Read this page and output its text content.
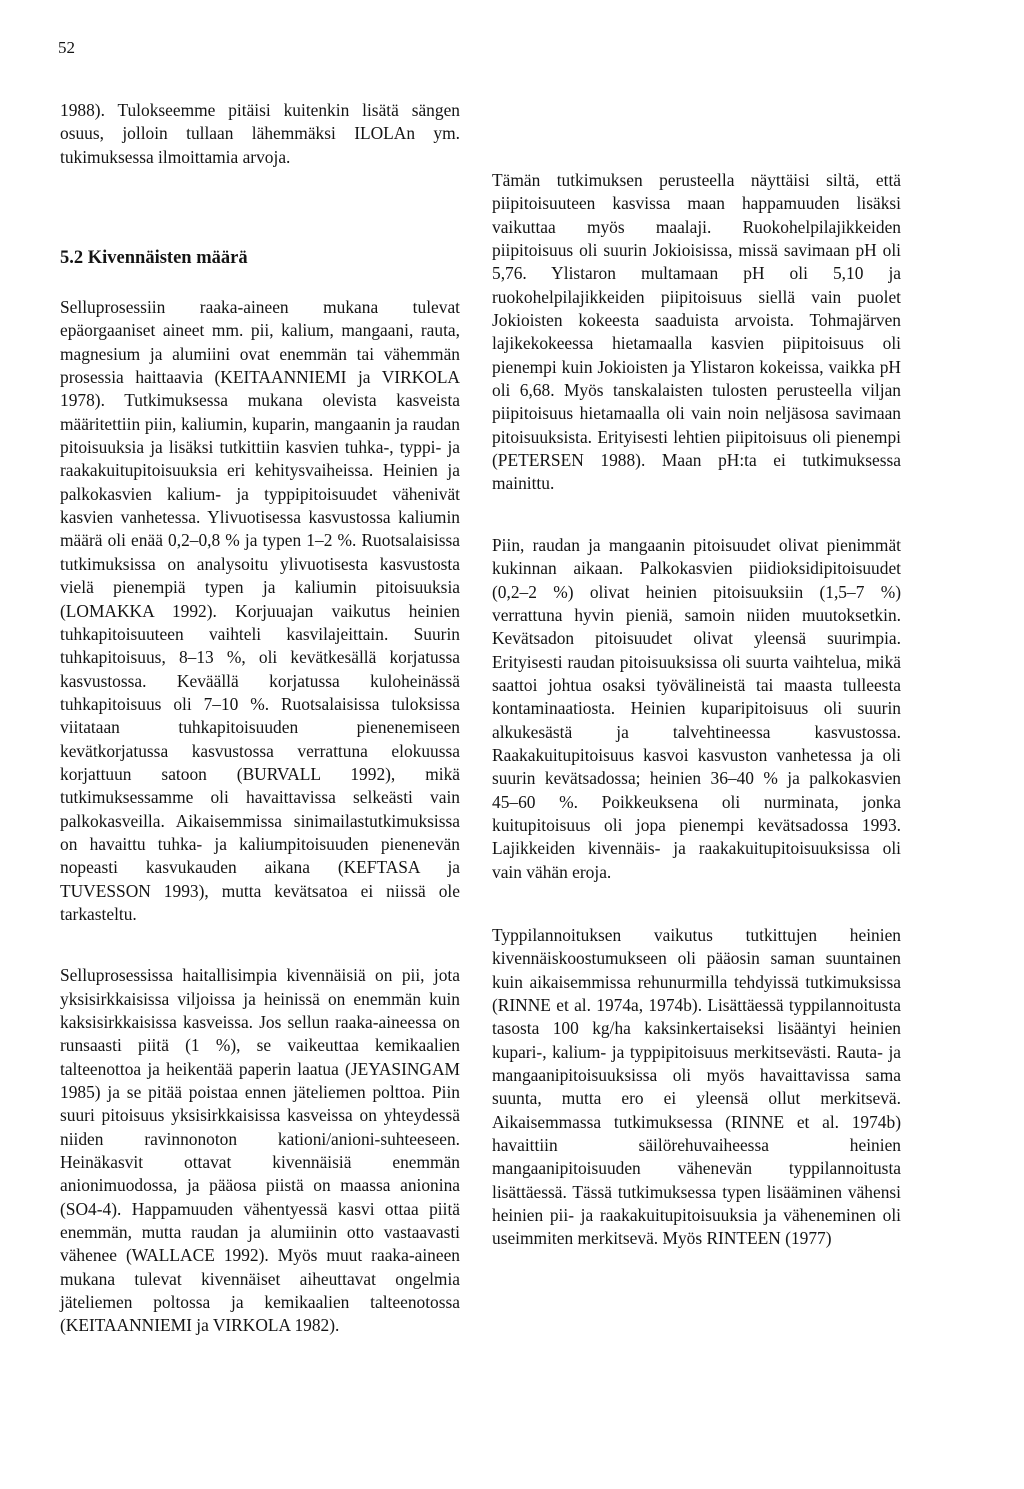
52

1988). Tulokseemme pitäisi kuitenkin lisätä sängen osuus, jolloin tullaan lähemmäksi ILOLAn ym. tukimuksessa ilmoittamia arvoja.

5.2 Kivennäisten määrä

Selluprosessiin raaka-aineen mukana tulevat epäorgaaniset aineet mm. pii, kalium, mangaani, rauta, magnesium ja alumiini ovat enemmän tai vähemmän prosessia haittaavia (KEITAANNIEMI ja VIRKOLA 1978). Tutkimuksessa mukana olevista kasveista määritettiin piin, kaliumin, kuparin, mangaanin ja raudan pitoisuuksia ja lisäksi tutkittiin kasvien tuhka-, typpi- ja raakakuitupitoisuuksia eri kehitysvaiheissa. Heinien ja palkokasvien kalium- ja typpipitoisuudet vähenivät kasvien vanhetessa. Ylivuotisessa kasvustossa kaliumin määrä oli enää 0,2–0,8 % ja typen 1–2 %. Ruotsalaisissa tutkimuksissa on analysoitu ylivuotisesta kasvustosta vielä pienempiä typen ja kaliumin pitoisuuksia (LOMAKKA 1992). Korjuuajan vaikutus heinien tuhkapitoisuuteen vaihteli kasvilajeittain. Suurin tuhkapitoisuus, 8–13 %, oli kevätkesällä korjatussa kasvustossa. Keväällä korjatussa kuloheinässä tuhkapitoisuus oli 7–10 %. Ruotsalaisissa tuloksissa viitataan tuhkapitoisuuden pienenemiseen kevätkorjatussa kasvustossa verrattuna elokuussa korjattuun satoon (BURVALL 1992), mikä tutkimuksessamme oli havaittavissa selkeästi vain palkokasveilla. Aikaisemmissa sinimailastutkimuksissa on havaittu tuhka- ja kaliumpitoisuuden pienenevän nopeasti kasvukauden aikana (KEFTASA ja TUVESSON 1993), mutta kevätsatoa ei niissä ole tarkasteltu.

Selluprosessissa haitallisimpia kivennäisiä on pii, jota yksisirkkaisissa viljoissa ja heinissä on enemmän kuin kaksisirkkaisissa kasveissa. Jos sellun raaka-aineessa on runsaasti piitä (1 %), se vaikeuttaa kemikaalien talteenottoa ja heikentää paperin laatua (JEYASINGAM 1985) ja se pitää poistaa ennen jäteliemen polttoa. Piin suuri pitoisuus yksisirkkaisissa kasveissa on yhteydessä niiden ravinnonoton kationi/anioni-suhteeseen. Heinäkasvit ottavat kivennäisiä enemmän anionimuodossa, ja pääosa piistä on maassa anionina (SO4-4). Happamuuden vähentyessä kasvi ottaa piitä enemmän, mutta raudan ja alumiinin otto vastaavasti vähenee (WALLACE 1992). Myös muut raaka-aineen mukana tulevat kivennäiset aiheuttavat ongelmia jäteliemen poltossa ja kemikaalien talteenotossa (KEITAANNIEMI ja VIRKOLA 1982).

Tämän tutkimuksen perusteella näyttäisi siltä, että piipitoisuuteen kasvissa maan happamuuden lisäksi vaikuttaa myös maalaji. Ruokohelpilajikkeiden piipitoisuus oli suurin Jokioisissa, missä savimaan pH oli 5,76. Ylistaron multamaan pH oli 5,10 ja ruokohelpilajikkeiden piipitoisuus siellä vain puolet Jokioisten kokeesta saaduista arvoista. Tohmajärven lajikekokeessa hietamaalla kasvien piipitoisuus oli pienempi kuin Jokioisten ja Ylistaron kokeissa, vaikka pH oli 6,68. Myös tanskalaisten tulosten perusteella viljan piipitoisuus hietamaalla oli vain noin neljäsosa savimaan pitoisuuksista. Erityisesti lehtien piipitoisuus oli pienempi (PETERSEN 1988). Maan pH:ta ei tutkimuksessa mainittu.

Piin, raudan ja mangaanin pitoisuudet olivat pienimmät kukinnan aikaan. Palkokasvien piidioksidipitoisuudet (0,2–2 %) olivat heinien pitoisuuksiin (1,5–7 %) verrattuna hyvin pieniä, samoin niiden muutoksetkin. Kevätsadon pitoisuudet olivat yleensä suurimpia. Erityisesti raudan pitoisuuksissa oli suurta vaihtelua, mikä saattoi johtua osaksi työvälineistä tai maasta tulleesta kontaminaatiosta. Heinien kuparipitoisuus oli suurin alkukesästä ja talvehtineessa kasvustossa. Raakakuitupitoisuus kasvoi kasvuston vanhetessa ja oli suurin kevätsadossa; heinien 36–40 % ja palkokasvien 45–60 %. Poikkeuksena oli nurminata, jonka kuitupitoisuus oli jopa pienempi kevätsadossa 1993. Lajikkeiden kivennäis- ja raakakuitupitoisuuksissa oli vain vähän eroja.

Typpilannoituksen vaikutus tutkittujen heinien kivennäiskoostumukseen oli pääosin saman suuntainen kuin aikaisemmissa rehunurmilla tehdyissä tutkimuksissa (RINNE et al. 1974a, 1974b). Lisättäessä typpilannoitusta tasosta 100 kg/ha kaksinkertaiseksi lisääntyi heinien kupari-, kalium- ja typpipitoisuus merkitsevästi. Rauta- ja mangaanipitoisuuksissa oli myös havaittavissa sama suunta, mutta ero ei yleensä ollut merkitsevä. Aikaisemmassa tutkimuksessa (RINNE et al. 1974b) havaittiin säilörehuvaiheessa heinien mangaanipitoisuuden vähenevän typpilannoitusta lisättäessä. Tässä tutkimuksessa typen lisääminen vähensi heinien pii- ja raakakuitupitoisuuksia ja väheneminen oli useimmiten merkitsevä. Myös RINTEEN (1977)
